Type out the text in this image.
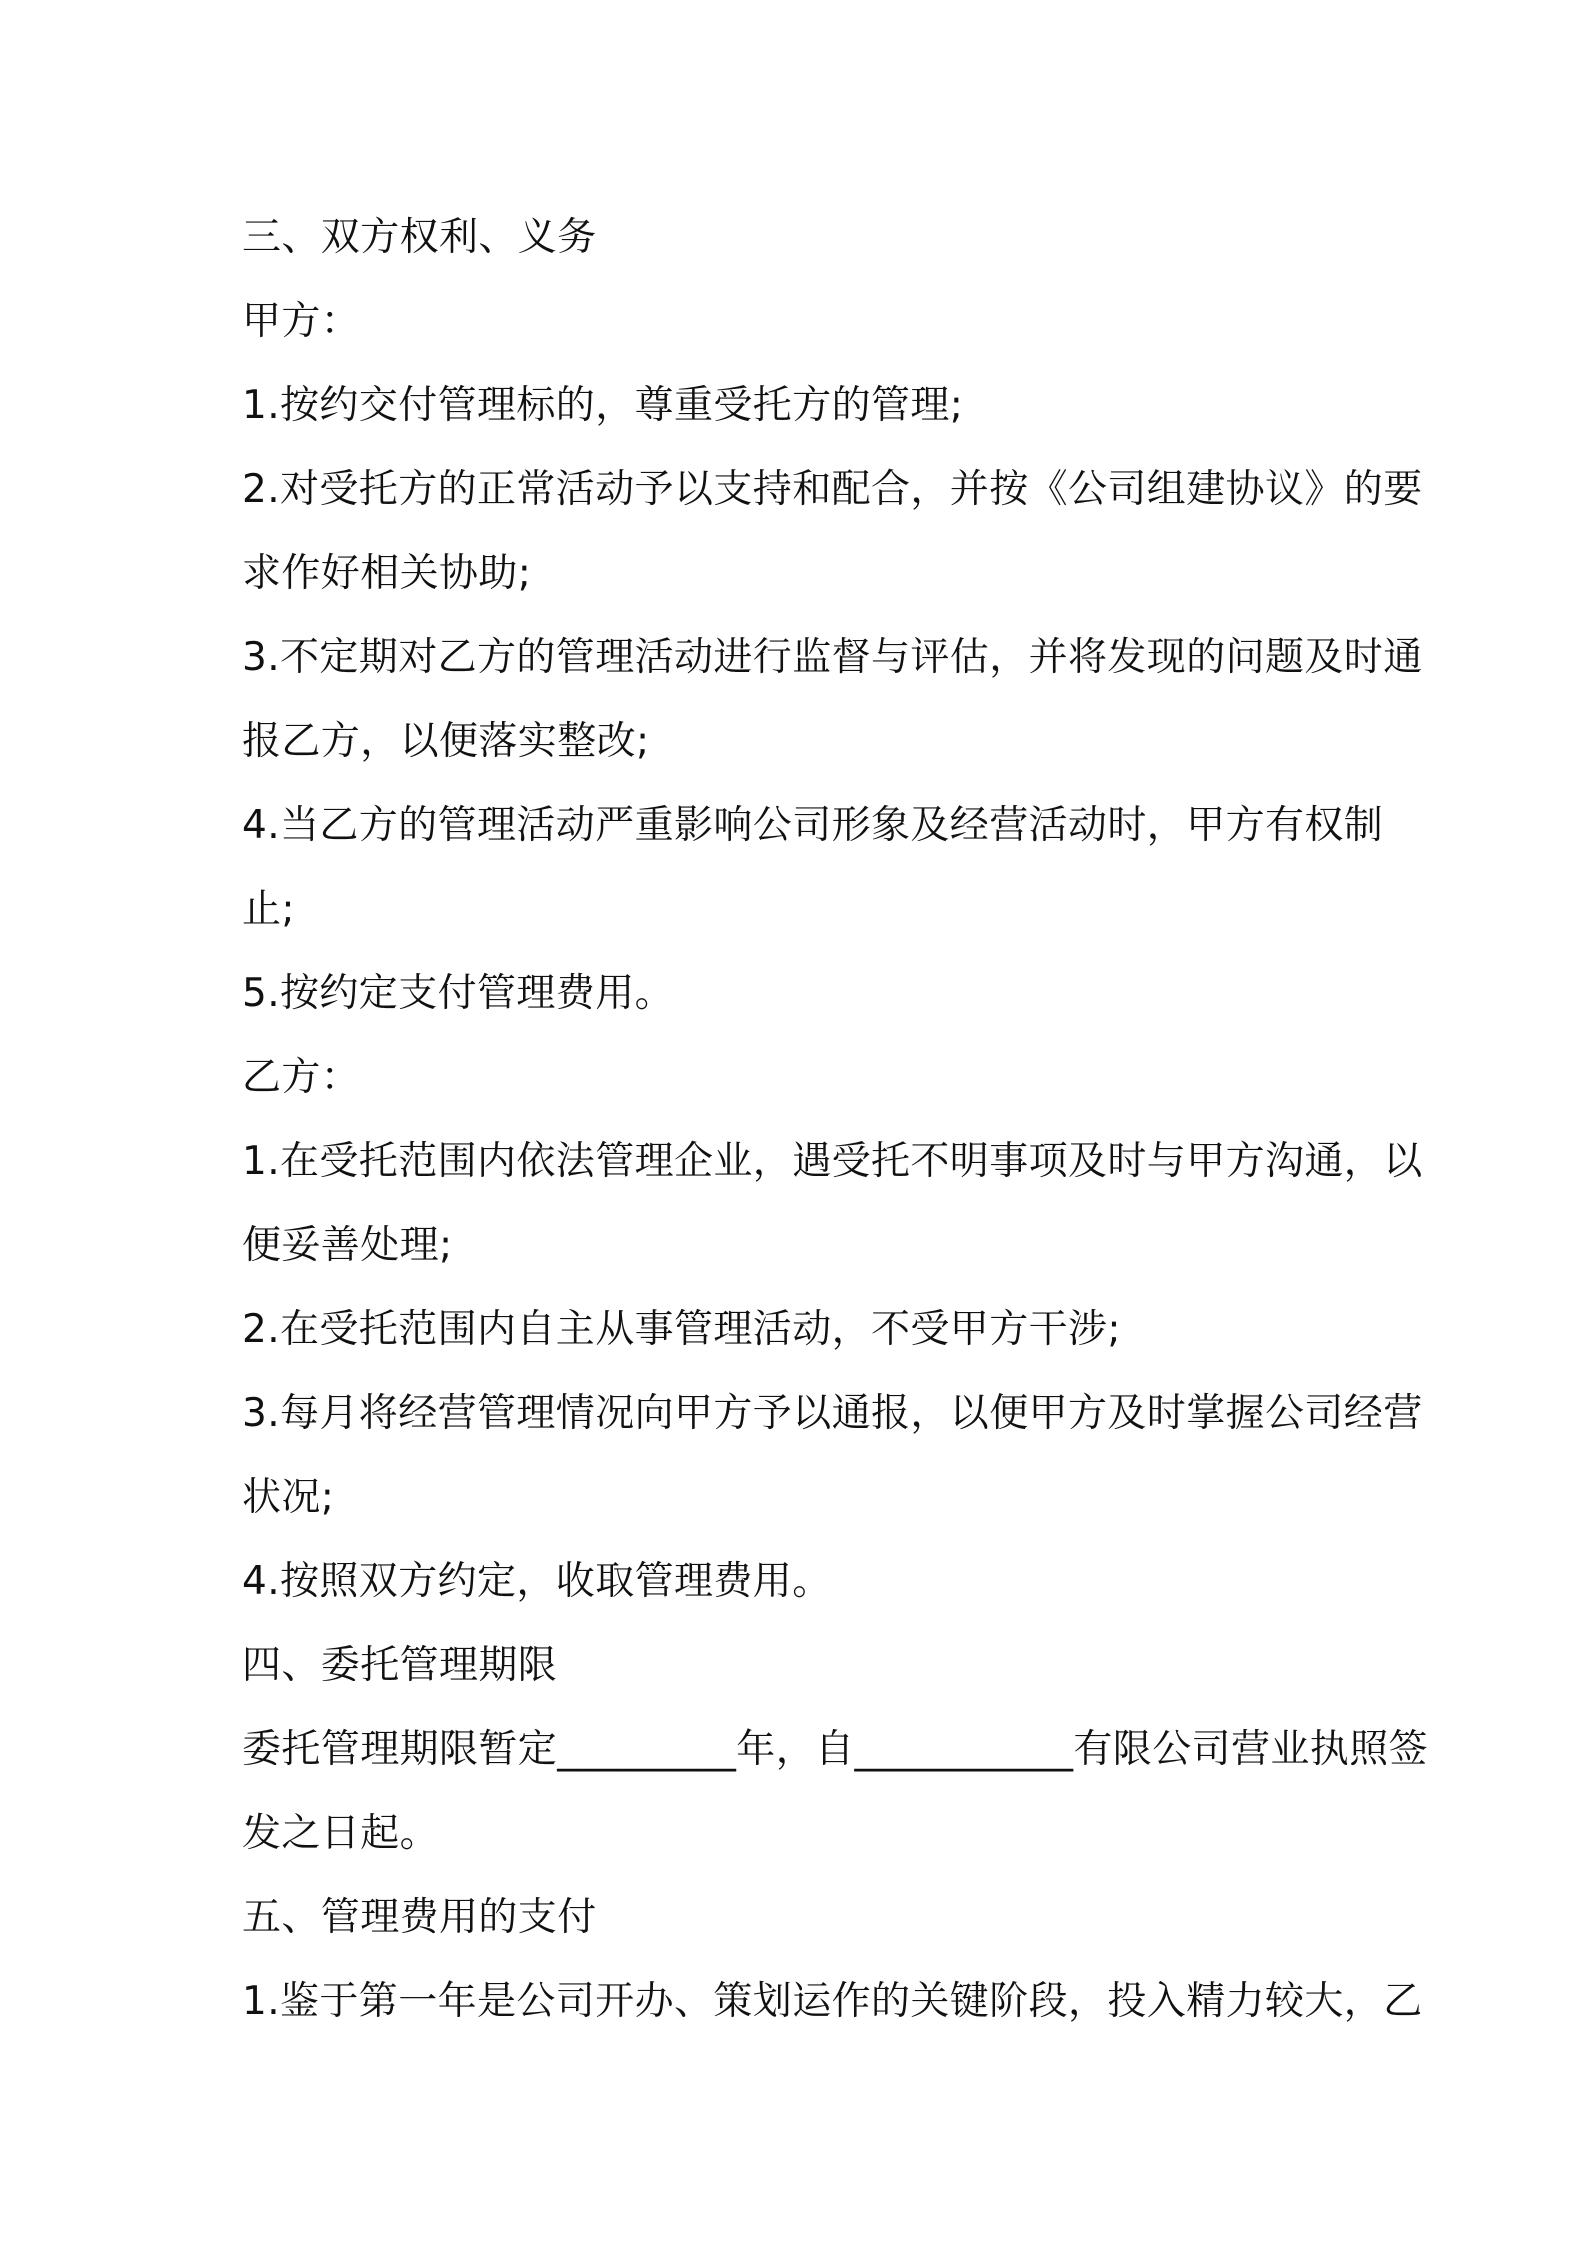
三、双方权利、义务
甲方：
1.按约交付管理标的，尊重受托方的管理;
2.对受托方的正常活动予以支持和配合，并按《公司组建协议》的要
求作好相关协助;
3.不定期对乙方的管理活动进行监督与评估，并将发现的问题及时通
报乙方，以便落实整改;
4.当乙方的管理活动严重影响公司形象及经营活动时，甲方有权制
止;
5.按约定支付管理费用。
乙方：
1.在受托范围内依法管理企业，遇受托不明事项及时与甲方沟通，以
便妥善处理;
2.在受托范围内自主从事管理活动，不受甲方干涉;
3.每月将经营管理情况向甲方予以通报，以便甲方及时掌握公司经营
状况;
4.按照双方约定，收取管理费用。
四、委托管理期限
委托管理期限暂定_________年，自___________有限公司营业执照签
发之日起。
五、管理费用的支付
1.鉴于第一年是公司开办、策划运作的关键阶段，投入精力较大，乙
